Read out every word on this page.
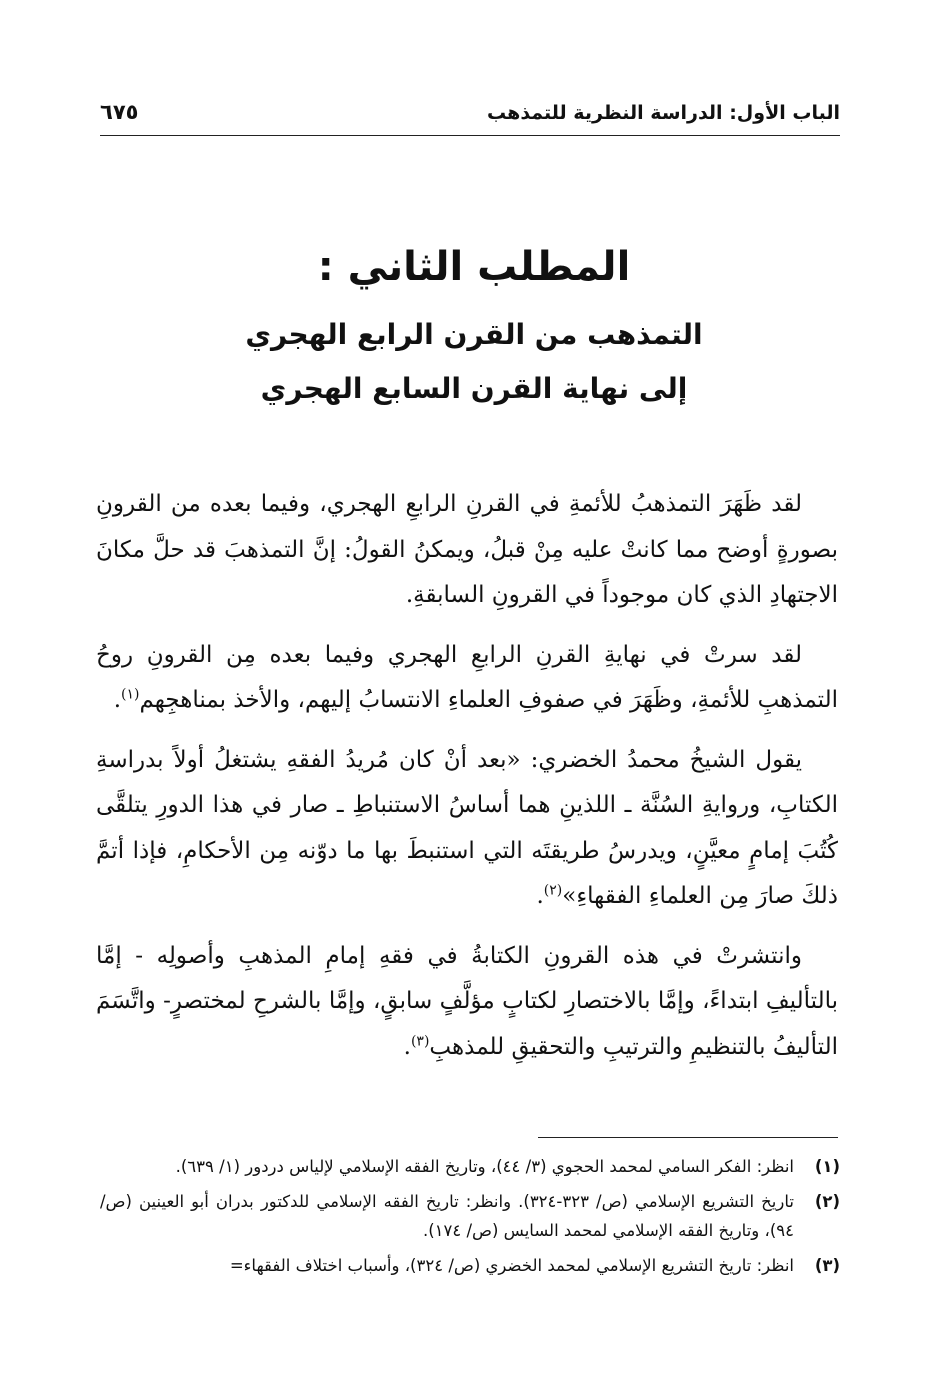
الباب الأول: الدراسة النظرية للتمذهب
٦٧٥
المطلب الثاني :
التمذهب من القرن الرابع الهجري
إلى نهاية القرن السابع الهجري

لقد ظَهَرَ التمذهبُ للأئمةِ في القرنِ الرابعِ الهجري، وفيما بعده من القرونِ بصورةٍ أوضح مما كانتْ عليه مِنْ قبلُ، ويمكنُ القولُ: إنَّ التمذهبَ قد حلَّ مكانَ الاجتهادِ الذي كان موجوداً في القرونِ السابقةِ.

لقد سرتْ في نهايةِ القرنِ الرابعِ الهجري وفيما بعده مِن القرونِ روحُ التمذهبِ للأئمةِ، وظَهَرَ في صفوفِ العلماءِ الانتسابُ إليهم، والأخذ بمناهجِهم$^{(١)}$.

يقول الشيخُ محمدُ الخضري: «بعد أنْ كان مُريدُ الفقهِ يشتغلُ أولاً بدراسةِ الكتابِ، وروايةِ السُنَّة ـ اللذينِ هما أساسُ الاستنباطِ ـ صار في هذا الدورِ يتلقَّى كُتُبَ إمامٍ معيَّنٍ، ويدرسُ طريقتَه التي استنبطَ بها ما دوّنه مِن الأحكامِ، فإذا أتمَّ ذلكَ صارَ مِن العلماءِ الفقهاءِ»$^{(٢)}$.

وانتشرتْ في هذه القرونِ الكتابةُ في فقهِ إمامِ المذهبِ وأصولِه - إمَّا بالتأليفِ ابتداءً، وإمَّا بالاختصارِ لكتابٍ مؤلَّفٍ سابقٍ، وإمَّا بالشرحِ لمختصرٍ- واتَّسَمَ التأليفُ بالتنظيمِ والترتيبِ والتحقيقِ للمذهبِ$^{(٣)}$.

(١)
انظر: الفكر السامي لمحمد الحجوي (٣/ ٤٤)، وتاريخ الفقه الإسلامي لإلياس دردور (١/ ٦٣٩).
(٢)
تاريخ التشريع الإسلامي (ص/ ٣٢٣-٣٢٤). وانظر: تاريخ الفقه الإسلامي للدكتور بدران أبو العينين (ص/ ٩٤)، وتاريخ الفقه الإسلامي لمحمد السايس (ص/ ١٧٤).
(٣)
انظر: تاريخ التشريع الإسلامي لمحمد الخضري (ص/ ٣٢٤)، وأسباب اختلاف الفقهاء=
